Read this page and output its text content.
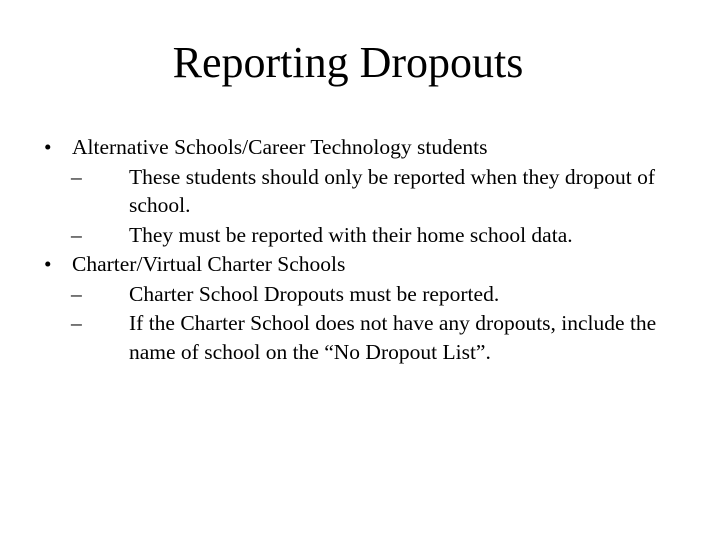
Reporting Dropouts
• Alternative Schools/Career Technology students
– These students should only be reported when they dropout of school.
– They must be reported with their home school data.
• Charter/Virtual Charter Schools
– Charter School Dropouts must be reported.
– If the Charter School does not have any dropouts, include the name of school on the “No Dropout List”.
